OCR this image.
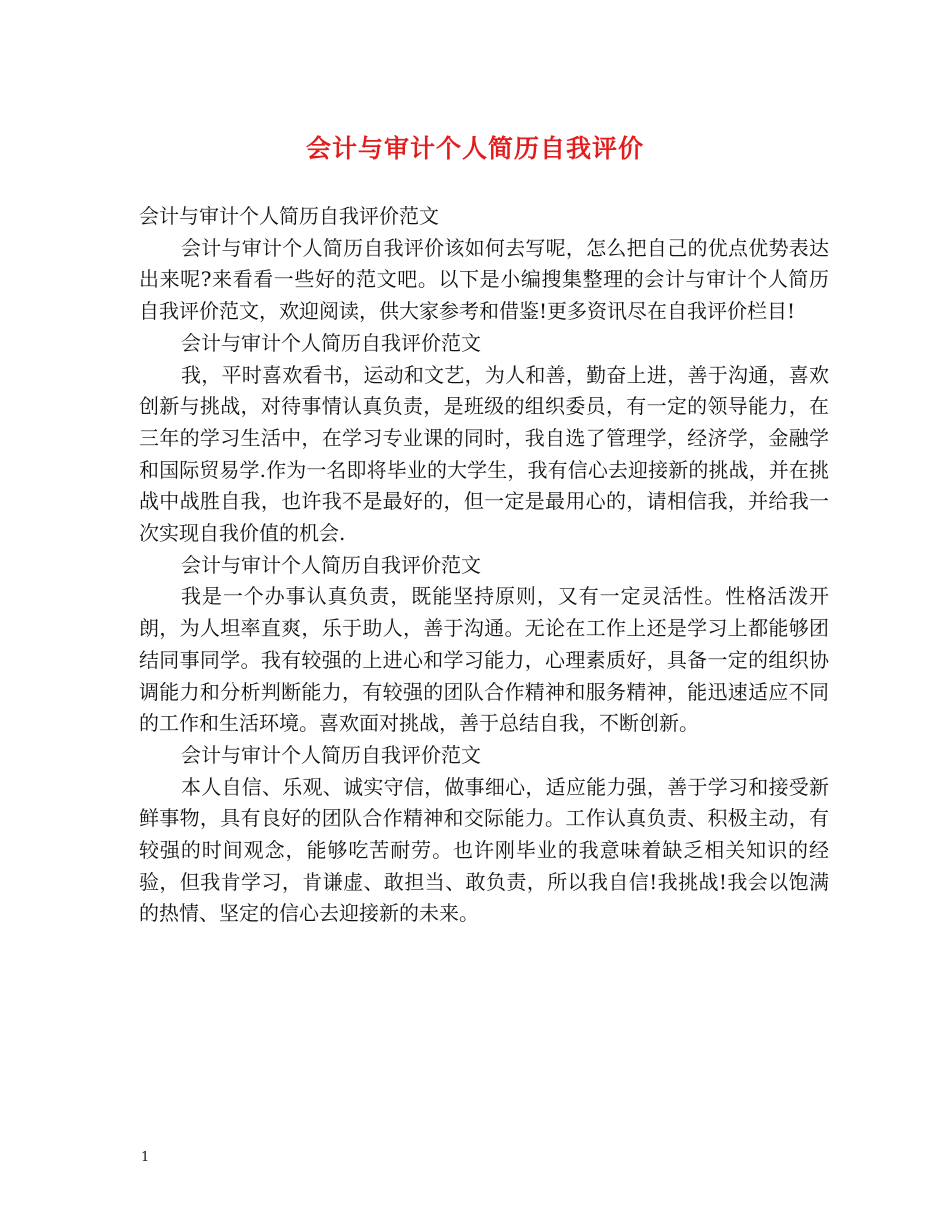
会计与审计个人简历自我评价

会计与审计个人简历自我评价范文

会计与审计个人简历自我评价该如何去写呢，怎么把自己的优点优势表达出来呢?来看看一些好的范文吧。以下是小编搜集整理的会计与审计个人简历自我评价范文，欢迎阅读，供大家参考和借鉴!更多资讯尽在自我评价栏目!

会计与审计个人简历自我评价范文

我，平时喜欢看书，运动和文艺，为人和善，勤奋上进，善于沟通，喜欢创新与挑战，对待事情认真负责，是班级的组织委员，有一定的领导能力，在三年的学习生活中，在学习专业课的同时，我自选了管理学，经济学，金融学和国际贸易学.作为一名即将毕业的大学生，我有信心去迎接新的挑战，并在挑战中战胜自我，也许我不是最好的，但一定是最用心的，请相信我，并给我一次实现自我价值的机会.

会计与审计个人简历自我评价范文

我是一个办事认真负责，既能坚持原则，又有一定灵活性。性格活泼开朗，为人坦率直爽，乐于助人，善于沟通。无论在工作上还是学习上都能够团结同事同学。我有较强的上进心和学习能力，心理素质好，具备一定的组织协调能力和分析判断能力，有较强的团队合作精神和服务精神，能迅速适应不同的工作和生活环境。喜欢面对挑战，善于总结自我，不断创新。

会计与审计个人简历自我评价范文

本人自信、乐观、诚实守信，做事细心，适应能力强，善于学习和接受新鲜事物，具有良好的团队合作精神和交际能力。工作认真负责、积极主动，有较强的时间观念，能够吃苦耐劳。也许刚毕业的我意味着缺乏相关知识的经验，但我肯学习，肯谦虚、敢担当、敢负责，所以我自信!我挑战!我会以饱满的热情、坚定的信心去迎接新的未来。

1
